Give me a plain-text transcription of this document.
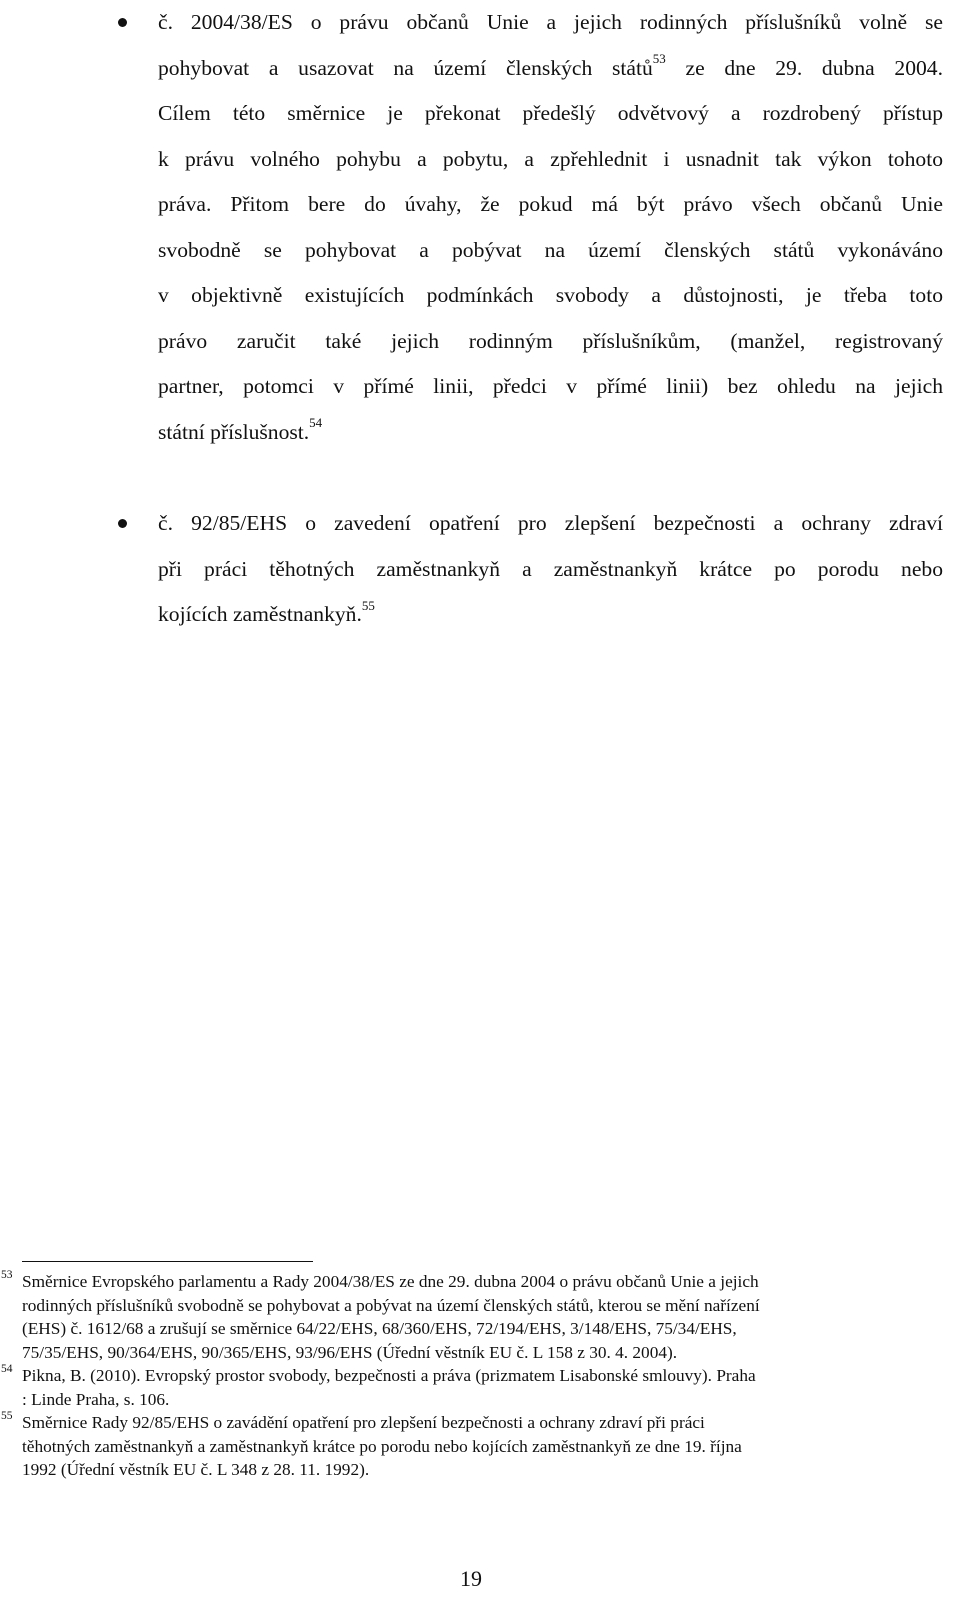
č. 2004/38/ES o právu občanů Unie a jejich rodinných příslušníků volně se
pohybovat a usazovat na území členských států$^{53}$ ze dne 29. dubna 2004.
Cílem této směrnice je překonat předešlý odvětvový a rozdrobený přístup
k právu volného pohybu a pobytu, a zpřehlednit i usnadnit tak výkon tohoto
práva. Přitom bere do úvahy, že pokud má být právo všech občanů Unie
svobodně se pohybovat a pobývat na území členských států vykonáváno
v objektivně existujících podmínkách svobody a důstojnosti, je třeba toto
právo zaručit také jejich rodinným příslušníkům, (manžel, registrovaný
partner, potomci v přímé linii, předci v přímé linii) bez ohledu na jejich
státní příslušnost.$^{54}$
č. 92/85/EHS o zavedení opatření pro zlepšení bezpečnosti a ochrany zdraví
při práci těhotných zaměstnankyň a zaměstnankyň krátce po porodu nebo
kojících zaměstnankyň.$^{55}$
53 Směrnice Evropského parlamentu a Rady 2004/38/ES ze dne 29. dubna 2004 o právu občanů Unie a jejich
rodinných příslušníků svobodně se pohybovat a pobývat na území členských států, kterou se mění nařízení
(EHS) č. 1612/68 a zrušují se směrnice 64/22/EHS, 68/360/EHS, 72/194/EHS, 3/148/EHS, 75/34/EHS,
75/35/EHS, 90/364/EHS, 90/365/EHS, 93/96/EHS (Úřední věstník EU č. L 158 z 30. 4. 2004).
54 Pikna, B. (2010). Evropský prostor svobody, bezpečnosti a práva (prizmatem Lisabonské smlouvy). Praha
: Linde Praha, s. 106.
55 Směrnice Rady 92/85/EHS o zavádění opatření pro zlepšení bezpečnosti a ochrany zdraví při práci
těhotných zaměstnankyň a zaměstnankyň krátce po porodu nebo kojících zaměstnankyň ze dne 19. října
1992 (Úřední věstník EU č. L 348 z 28. 11. 1992).
19
